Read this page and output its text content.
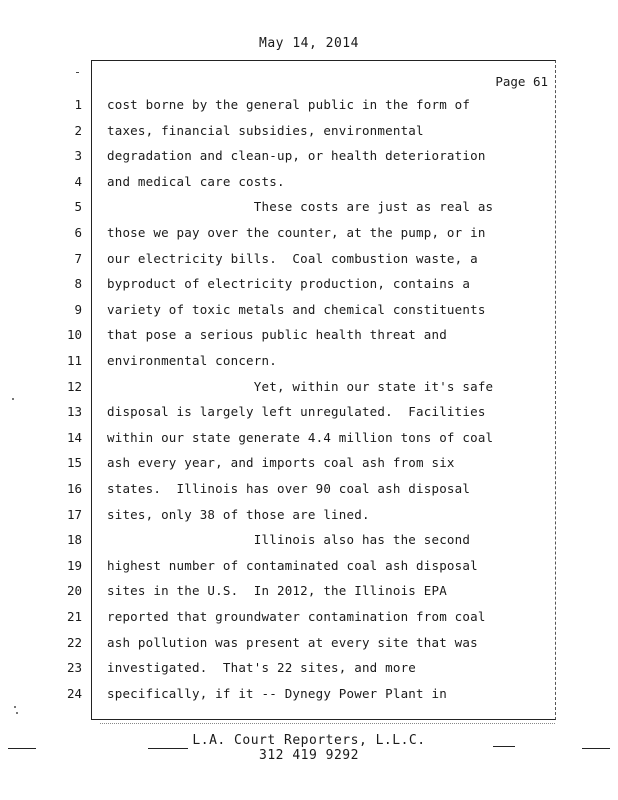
May 14, 2014
Page 61
1 cost borne by the general public in the form of
2 taxes, financial subsidies, environmental
3 degradation and clean-up, or health deterioration
4 and medical care costs.
5 These costs are just as real as
6 those we pay over the counter, at the pump, or in
7 our electricity bills.  Coal combustion waste, a
8 byproduct of electricity production, contains a
9 variety of toxic metals and chemical constituents
10 that pose a serious public health threat and
11 environmental concern.
12 Yet, within our state it's safe
13 disposal is largely left unregulated.  Facilities
14 within our state generate 4.4 million tons of coal
15 ash every year, and imports coal ash from six
16 states.  Illinois has over 90 coal ash disposal
17 sites, only 38 of those are lined.
18 Illinois also has the second
19 highest number of contaminated coal ash disposal
20 sites in the U.S.  In 2012, the Illinois EPA
21 reported that groundwater contamination from coal
22 ash pollution was present at every site that was
23 investigated.  That's 22 sites, and more
24 specifically, if it -- Dynegy Power Plant in
L.A. Court Reporters, L.L.C.
312 419 9292
